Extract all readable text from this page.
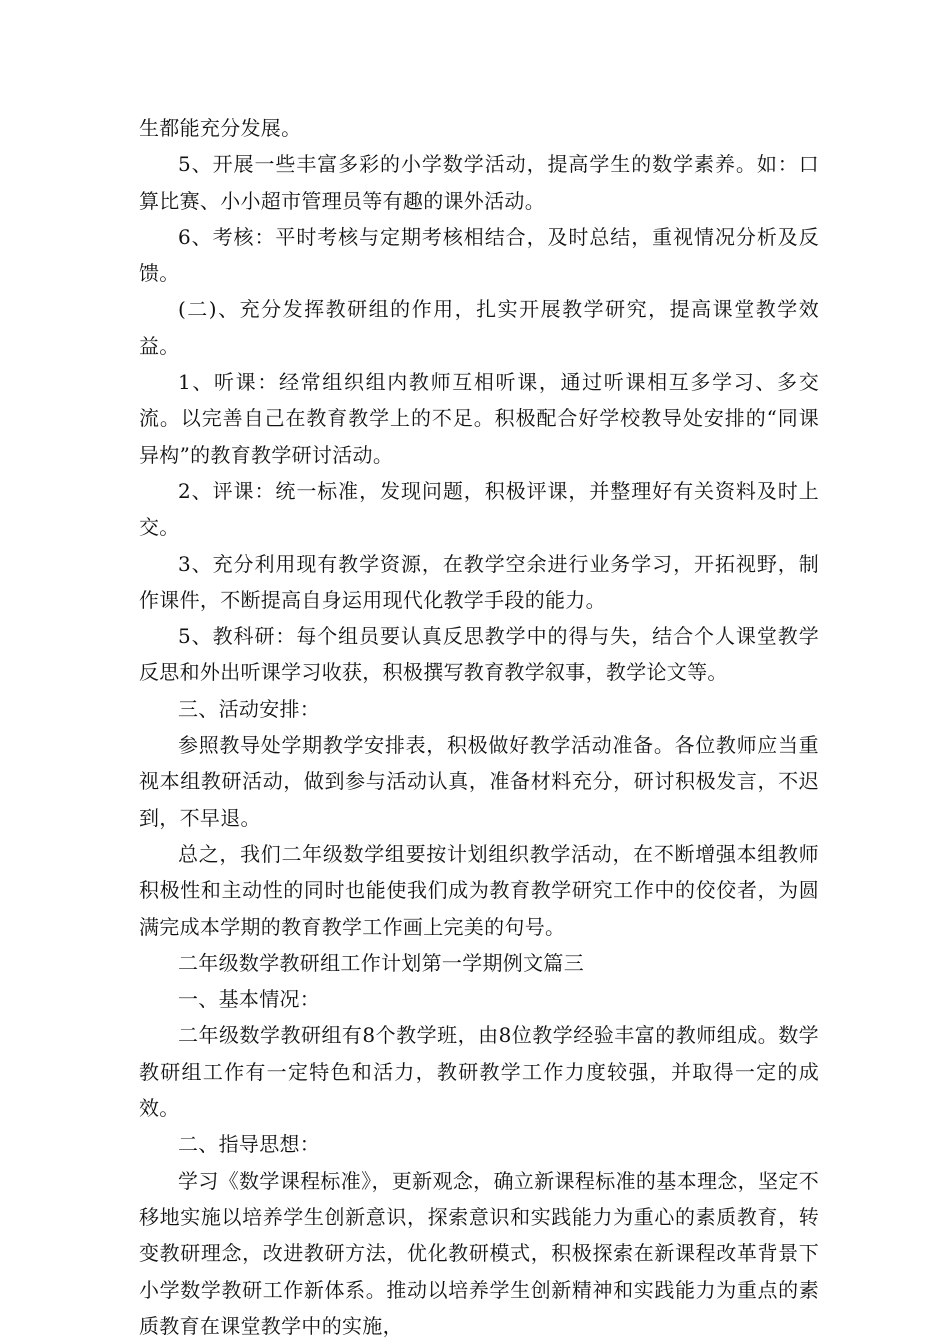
生都能充分发展。

5、开展一些丰富多彩的小学数学活动，提高学生的数学素养。如：口算比赛、小小超市管理员等有趣的课外活动。

6、考核：平时考核与定期考核相结合，及时总结，重视情况分析及反馈。

(二)、充分发挥教研组的作用，扎实开展教学研究，提高课堂教学效益。

1、听课：经常组织组内教师互相听课，通过听课相互多学习、多交流。以完善自己在教育教学上的不足。积极配合好学校教导处安排的“同课异构”的教育教学研讨活动。

2、评课：统一标准，发现问题，积极评课，并整理好有关资料及时上交。

3、充分利用现有教学资源，在教学空余进行业务学习，开拓视野，制作课件，不断提高自身运用现代化教学手段的能力。

5、教科研：每个组员要认真反思教学中的得与失，结合个人课堂教学反思和外出听课学习收获，积极撰写教育教学叙事，教学论文等。

三、活动安排：

参照教导处学期教学安排表，积极做好教学活动准备。各位教师应当重视本组教研活动，做到参与活动认真，准备材料充分，研讨积极发言，不迟到，不早退。

总之，我们二年级数学组要按计划组织教学活动，在不断增强本组教师积极性和主动性的同时也能使我们成为教育教学研究工作中的佼佼者，为圆满完成本学期的教育教学工作画上完美的句号。

二年级数学教研组工作计划第一学期例文篇三

一、基本情况：

二年级数学教研组有8个教学班，由8位教学经验丰富的教师组成。数学教研组工作有一定特色和活力，教研教学工作力度较强，并取得一定的成效。

二、指导思想：

学习《数学课程标准》，更新观念，确立新课程标准的基本理念，坚定不移地实施以培养学生创新意识，探索意识和实践能力为重心的素质教育，转变教研理念，改进教研方法，优化教研模式，积极探索在新课程改革背景下小学数学教研工作新体系。推动以培养学生创新精神和实践能力为重点的素质教育在课堂教学中的实施，
